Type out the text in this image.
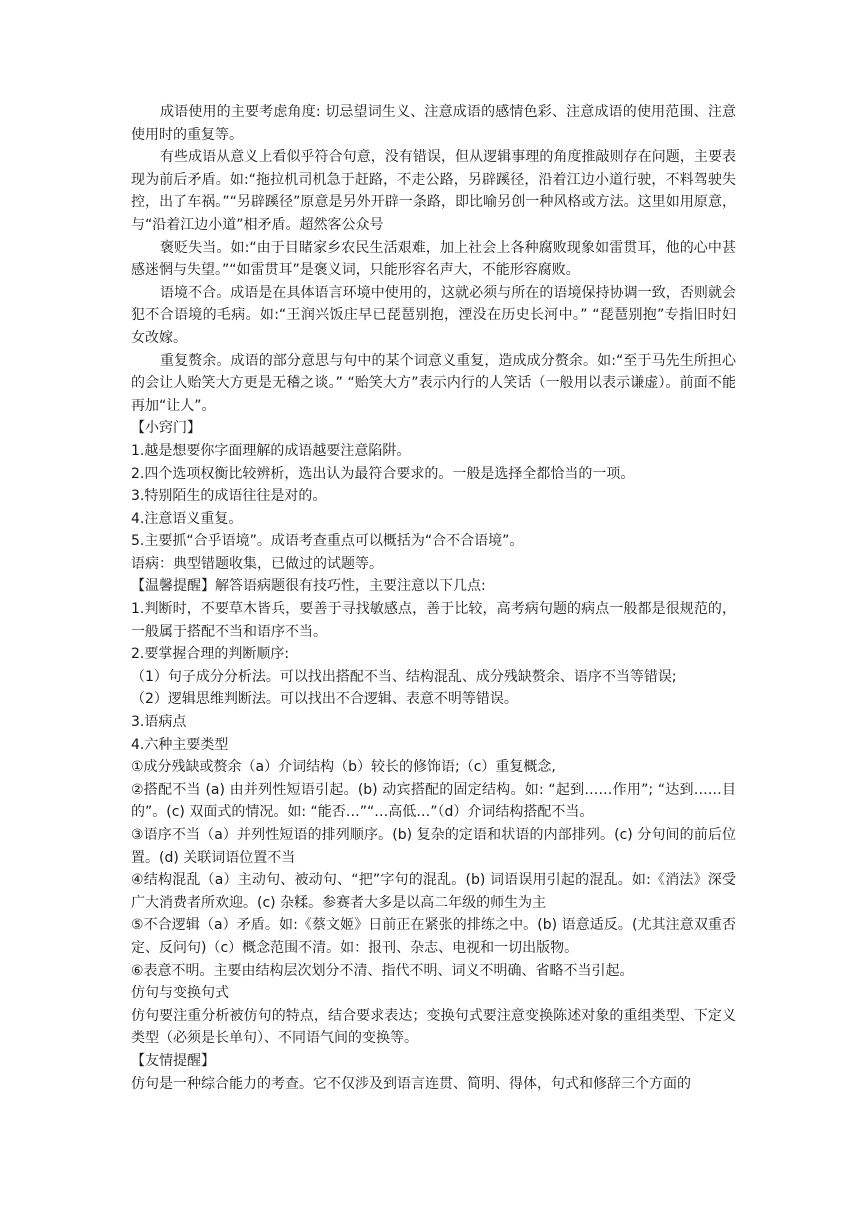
成语使用的主要考虑角度: 切忌望词生义、注意成语的感情色彩、注意成语的使用范围、注意使用时的重复等。

有些成语从意义上看似乎符合句意，没有错误，但从逻辑事理的角度推敲则存在问题，主要表现为前后矛盾。如:“拖拉机司机急于赶路，不走公路，另辟蹊径，沿着江边小道行驶，不料驾驶失控，出了车祸。”“另辟蹊径”原意是另外开辟一条路，即比喻另创一种风格或方法。这里如用原意，与“沿着江边小道”相矛盾。超然客公众号

褒贬失当。如:“由于目睹家乡农民生活艰难，加上社会上各种腐败现象如雷贯耳，他的心中甚感迷惘与失望。”“如雷贯耳”是褒义词，只能形容名声大，不能形容腐败。

语境不合。成语是在具体语言环境中使用的，这就必须与所在的语境保持协调一致，否则就会犯不合语境的毛病。如:“王润兴饭庄早已琵琶别抱，湮没在历史长河中。” “琵琶别抱”专指旧时妇女改嫁。

重复赘余。成语的部分意思与句中的某个词意义重复，造成成分赘余。如:“至于马先生所担心的会让人贻笑大方更是无稽之谈。” “贻笑大方”表示内行的人笑话（一般用以表示谦虚）。前面不能再加“让人”。

【小窍门】

1.越是想要你字面理解的成语越要注意陷阱。

2.四个选项权衡比较辨析，选出认为最符合要求的。一般是选择全都恰当的一项。

3.特别陌生的成语往往是对的。

4.注意语义重复。

5.主要抓“合乎语境”。成语考查重点可以概括为“合不合语境”。

语病：典型错题收集，已做过的试题等。

【温馨提醒】解答语病题很有技巧性，主要注意以下几点:

1.判断时，不要草木皆兵，要善于寻找敏感点，善于比较，高考病句题的病点一般都是很规范的，一般属于搭配不当和语序不当。

2.要掌握合理的判断顺序:

（1）句子成分分析法。可以找出搭配不当、结构混乱、成分残缺赘余、语序不当等错误;

（2）逻辑思维判断法。可以找出不合逻辑、表意不明等错误。

3.语病点

4.六种主要类型

①成分残缺或赘余（a）介词结构（b）较长的修饰语;（c）重复概念,

②搭配不当 (a) 由并列性短语引起。(b) 动宾搭配的固定结构。如: “起到……作用”; “达到……目的”。(c) 双面式的情况。如: “能否…”“…高低…”（d）介词结构搭配不当。

③语序不当（a）并列性短语的排列顺序。(b) 复杂的定语和状语的内部排列。(c) 分句间的前后位置。(d) 关联词语位置不当

④结构混乱（a）主动句、被动句、“把”字句的混乱。(b) 词语误用引起的混乱。如:《消法》深受广大消费者所欢迎。(c) 杂糅。参赛者大多是以高二年级的师生为主

⑤不合逻辑（a）矛盾。如:《蔡文姬》日前正在紧张的排练之中。(b) 语意适反。(尤其注意双重否定、反问句)（c）概念范围不清。如：报刊、杂志、电视和一切出版物。

⑥表意不明。主要由结构层次划分不清、指代不明、词义不明确、省略不当引起。

仿句与变换句式

仿句要注重分析被仿句的特点，结合要求表达；变换句式要注意变换陈述对象的重组类型、下定义类型（必须是长单句）、不同语气间的变换等。

【友情提醒】

仿句是一种综合能力的考查。它不仅涉及到语言连贯、简明、得体，句式和修辞三个方面的
